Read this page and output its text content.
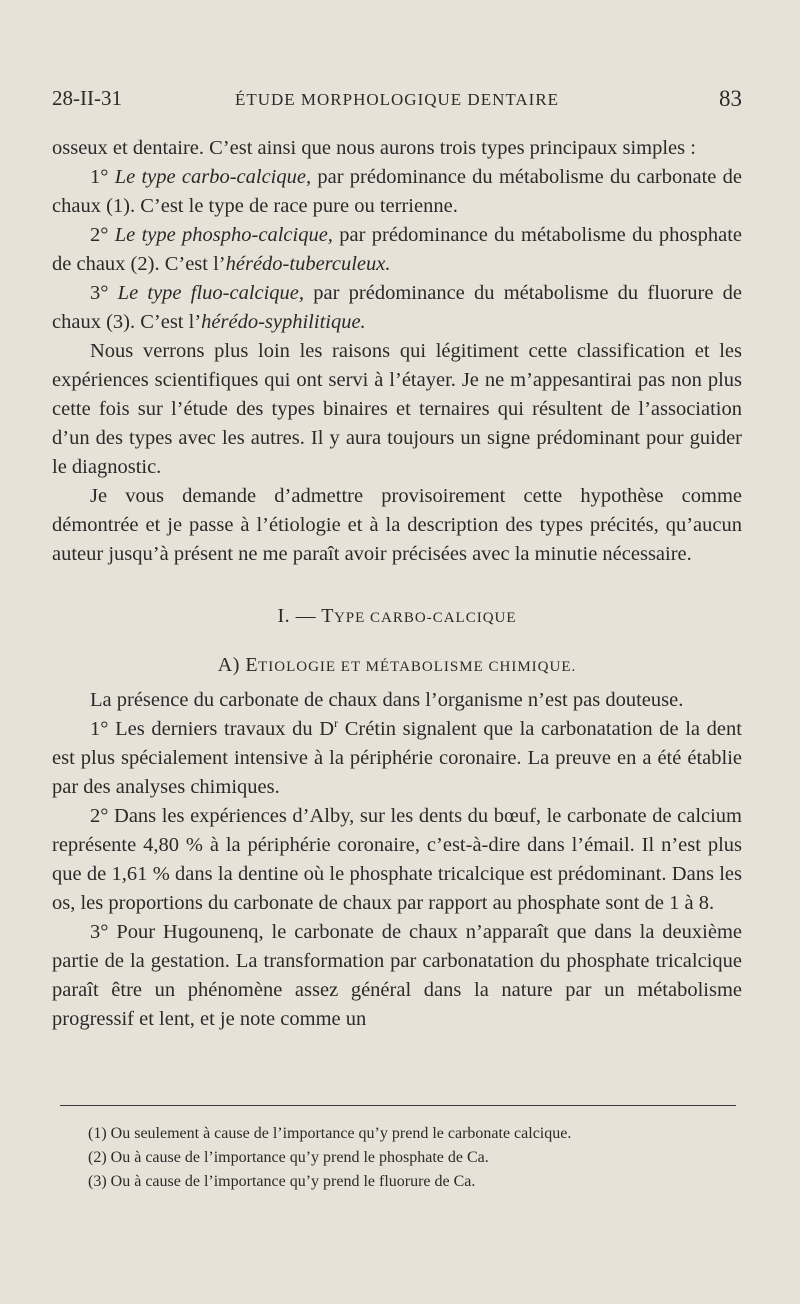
28-II-31	ÉTUDE MORPHOLOGIQUE DENTAIRE	83

osseux et dentaire. C’est ainsi que nous aurons trois types principaux simples :

1° Le type carbo-calcique, par prédominance du métabolisme du carbonate de chaux (1). C’est le type de race pure ou terrienne.

2° Le type phospho-calcique, par prédominance du métabolisme du phosphate de chaux (2). C’est l’hérédo-tuberculeux.

3° Le type fluo-calcique, par prédominance du métabolisme du fluorure de chaux (3). C’est l’hérédo-syphilitique.

Nous verrons plus loin les raisons qui légitiment cette classification et les expériences scientifiques qui ont servi à l’étayer. Je ne m’appesantirai pas non plus cette fois sur l’étude des types binaires et ternaires qui résultent de l’association d’un des types avec les autres. Il y aura toujours un signe prédominant pour guider le diagnostic.

Je vous demande d’admettre provisoirement cette hypothèse comme démontrée et je passe à l’étiologie et à la description des types précités, qu’aucun auteur jusqu’à présent ne me paraît avoir précisées avec la minutie nécessaire.

I. — TYPE CARBO-CALCIQUE

A) ETIOLOGIE ET MÉTABOLISME CHIMIQUE.

La présence du carbonate de chaux dans l’organisme n’est pas douteuse.

1° Les derniers travaux du $D^r$ Crétin signalent que la carbonatation de la dent est plus spécialement intensive à la périphérie coronaire. La preuve en a été établie par des analyses chimiques.

2° Dans les expériences d’Alby, sur les dents du bœuf, le carbonate de calcium représente 4,80 % à la périphérie coronaire, c’est-à-dire dans l’émail. Il n’est plus que de 1,61 % dans la dentine où le phosphate tricalcique est prédominant. Dans les os, les proportions du carbonate de chaux par rapport au phosphate sont de 1 à 8.

3° Pour Hugounenq, le carbonate de chaux n’apparaît que dans la deuxième partie de la gestation. La transformation par carbonatation du phosphate tricalcique paraît être un phénomène assez général dans la nature par un métabolisme progressif et lent, et je note comme un

(1) Ou seulement à cause de l’importance qu’y prend le carbonate calcique.

(2) Ou à cause de l’importance qu’y prend le phosphate de Ca.

(3) Ou à cause de l’importance qu’y prend le fluorure de Ca.
